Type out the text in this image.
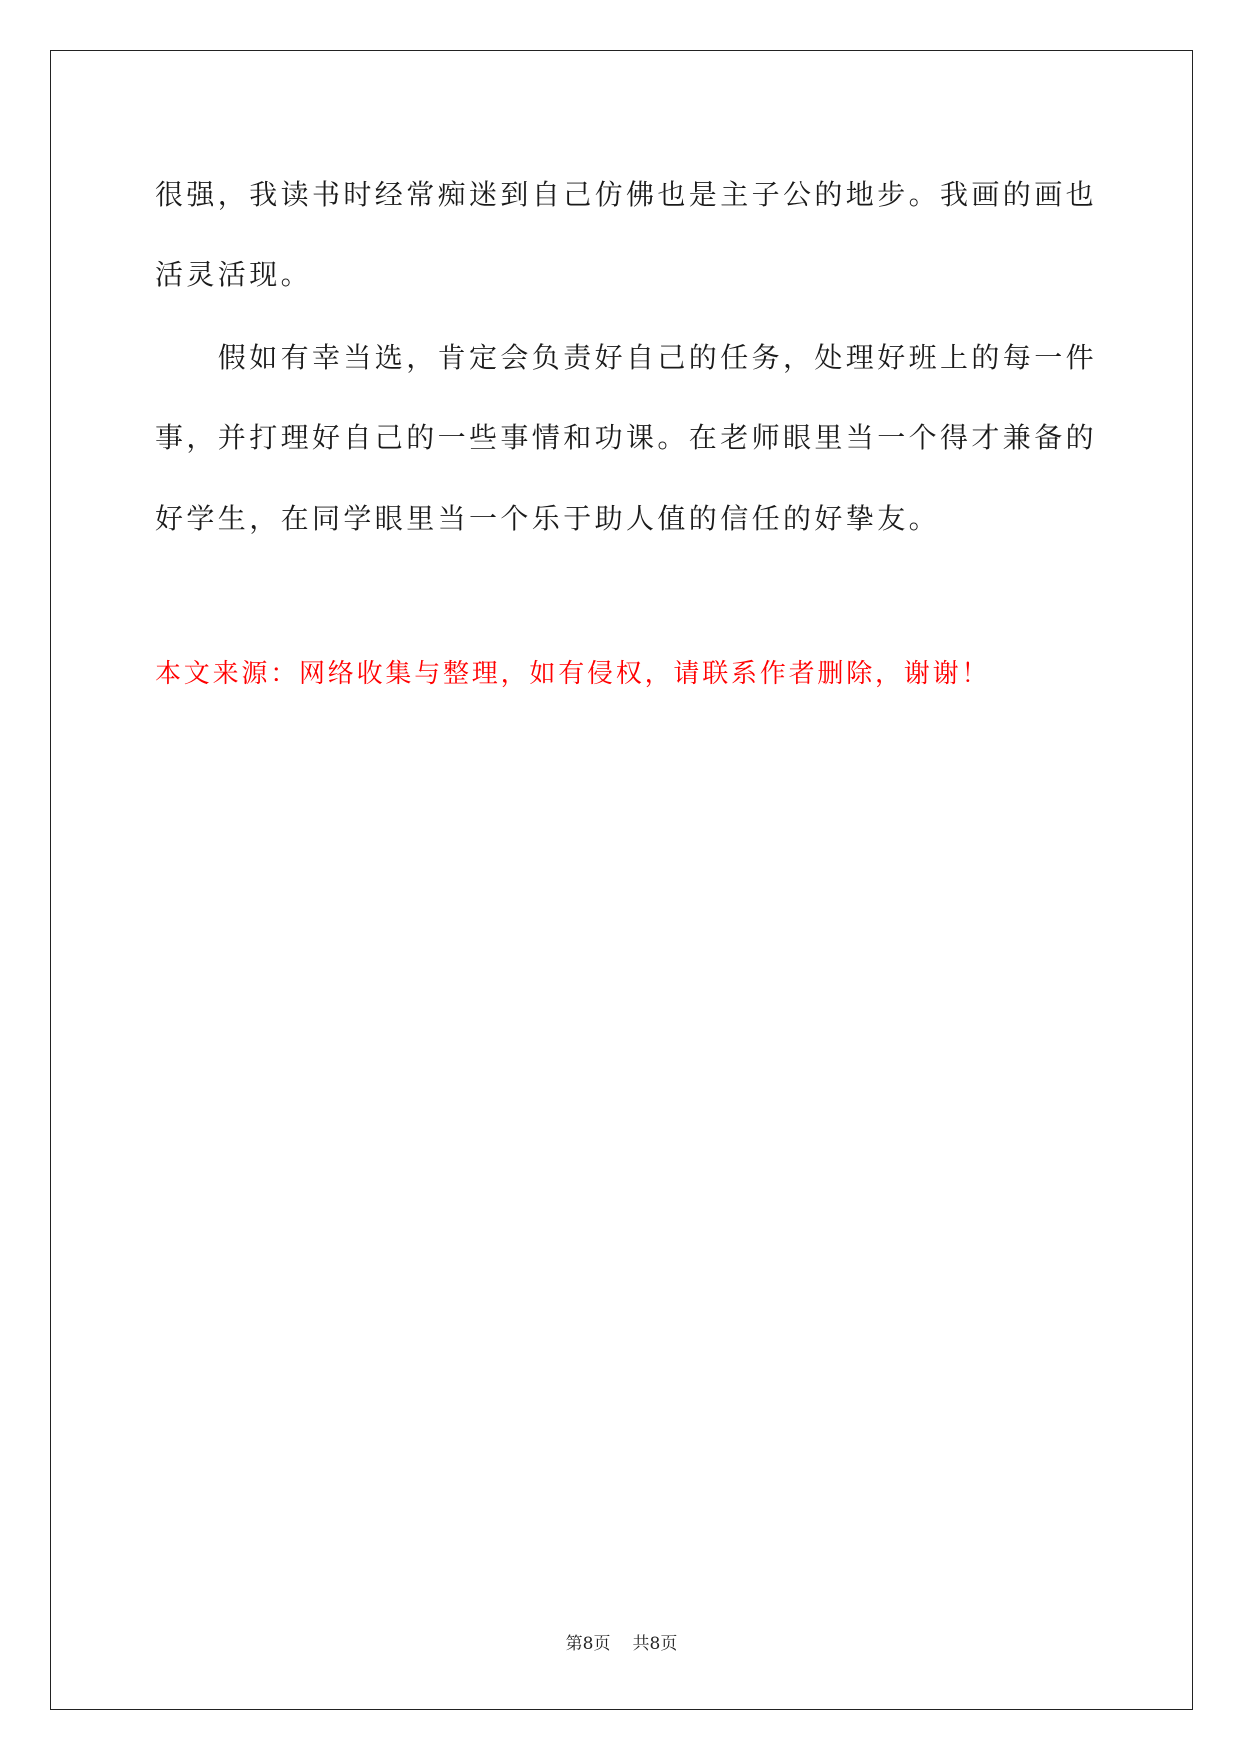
很强，我读书时经常痴迷到自己仿佛也是主子公的地步。我画的画也
活灵活现。
假如有幸当选，肯定会负责好自己的任务，处理好班上的每一件
事，并打理好自己的一些事情和功课。在老师眼里当一个得才兼备的
好学生，在同学眼里当一个乐于助人值的信任的好挚友。
本文来源：网络收集与整理，如有侵权，请联系作者删除，谢谢！
第8页 共8页
